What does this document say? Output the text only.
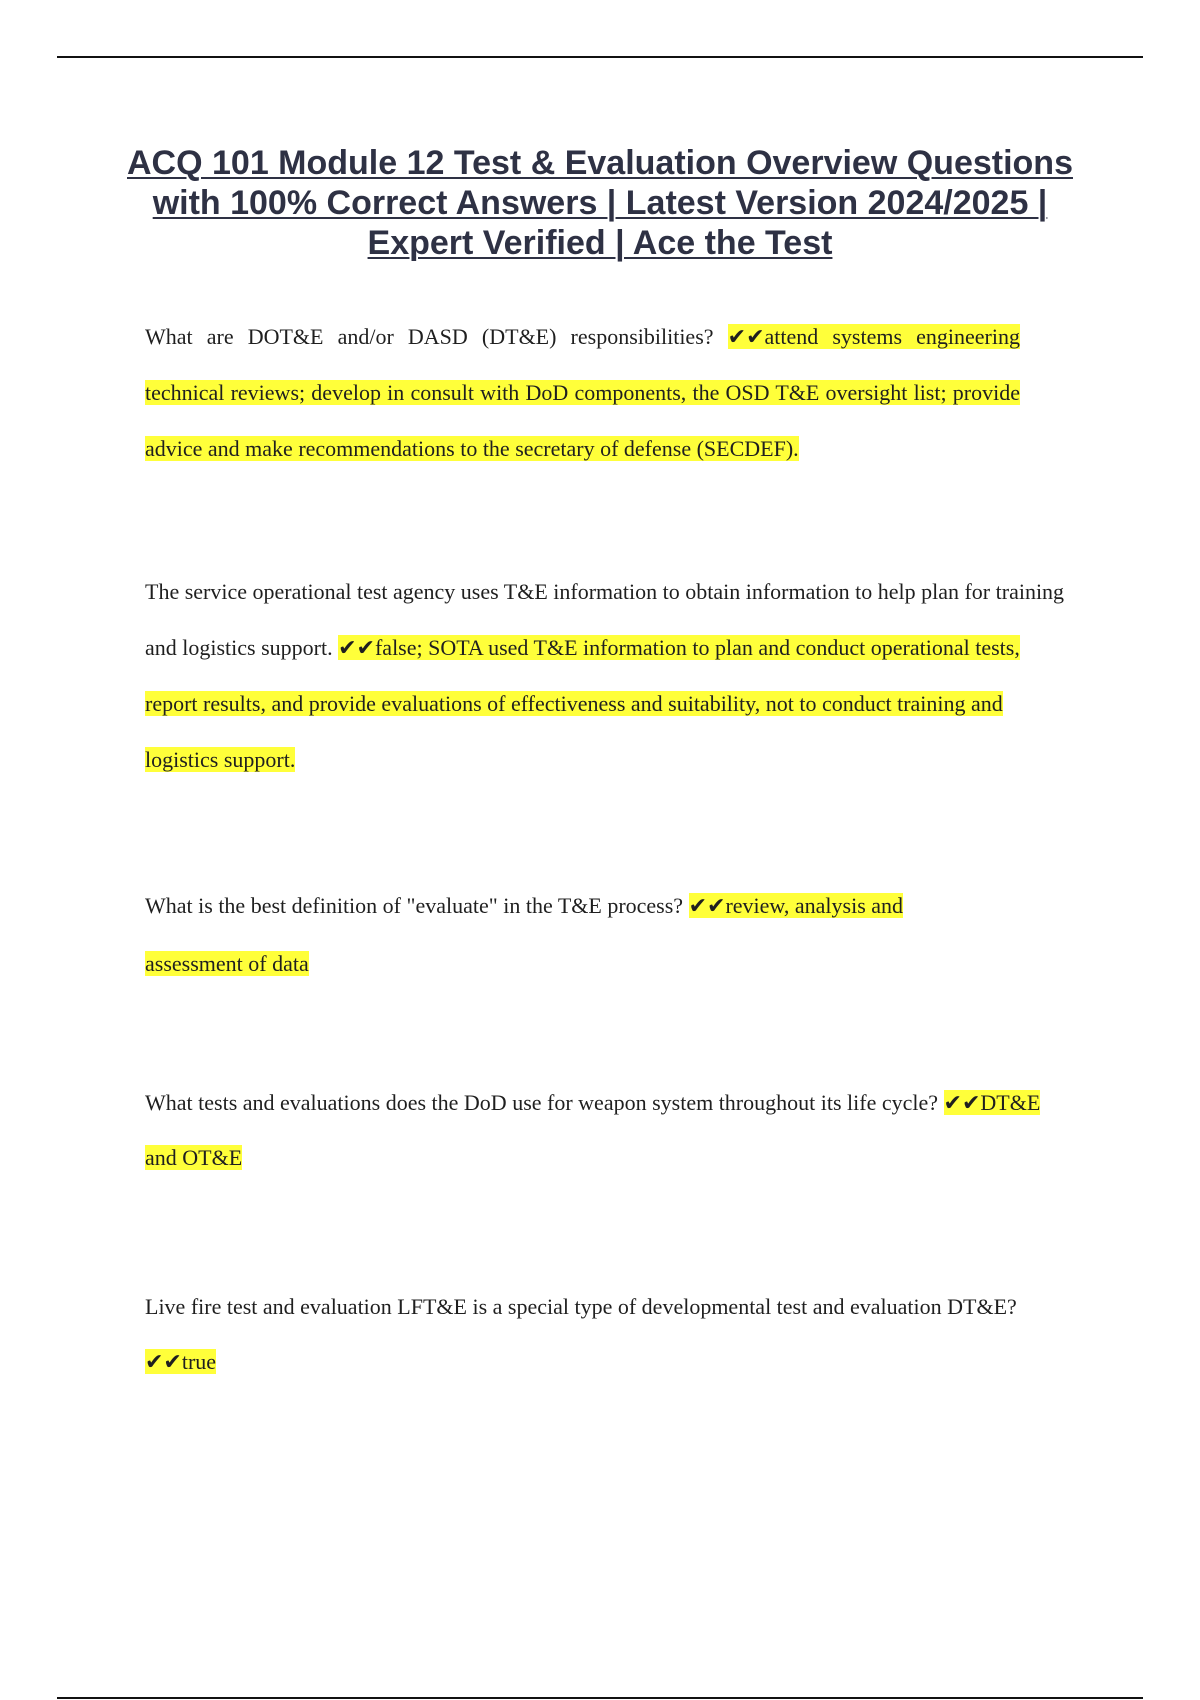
ACQ 101 Module 12 Test & Evaluation Overview Questions with 100% Correct Answers | Latest Version 2024/2025 | Expert Verified | Ace the Test

What are DOT&E and/or DASD (DT&E) responsibilities? ✔✔attend systems engineering technical reviews; develop in consult with DoD components, the OSD T&E oversight list; provide advice and make recommendations to the secretary of defense (SECDEF).

The service operational test agency uses T&E information to obtain information to help plan for training and logistics support. ✔✔false; SOTA used T&E information to plan and conduct operational tests, report results, and provide evaluations of effectiveness and suitability, not to conduct training and logistics support.

What is the best definition of "evaluate" in the T&E process? ✔✔review, analysis and assessment of data

What tests and evaluations does the DoD use for weapon system throughout its life cycle? ✔✔DT&E and OT&E

Live fire test and evaluation LFT&E is a special type of developmental test and evaluation DT&E? ✔✔true
